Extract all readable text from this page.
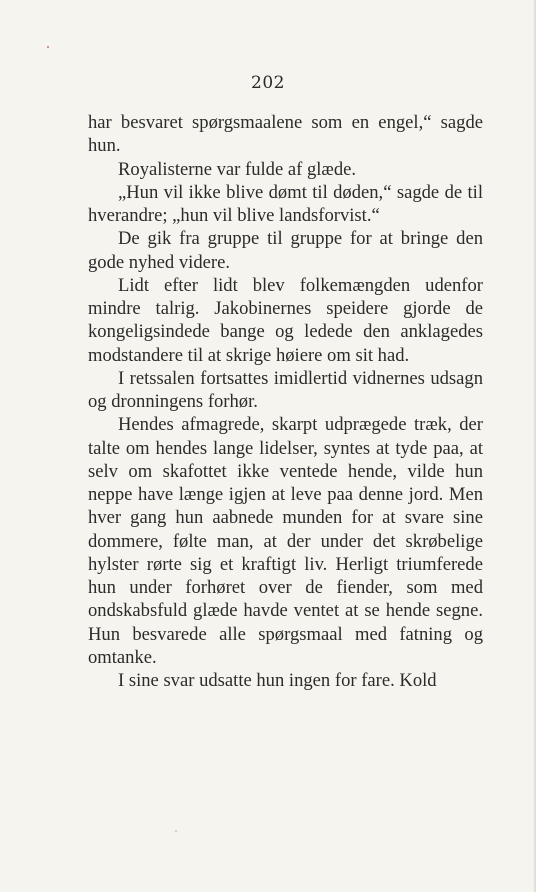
202

har besvaret spørgsmaalene som en engel,“ sagde hun.

Royalisterne var fulde af glæde.

„Hun vil ikke blive dømt til døden,“ sagde de til hverandre; „hun vil blive landsforvist.“

De gik fra gruppe til gruppe for at bringe den gode nyhed videre.

Lidt efter lidt blev folkemængden udenfor mindre talrig. Jakobinernes speidere gjorde de kongeligsindede bange og ledede den anklagedes modstandere til at skrige høiere om sit had.

I retssalen fortsattes imidlertid vidnernes udsagn og dronningens forhør.

Hendes afmagrede, skarpt udprægede træk, der talte om hendes lange lidelser, syntes at tyde paa, at selv om skafottet ikke ventede hende, vilde hun neppe have længe igjen at leve paa denne jord. Men hver gang hun aabnede munden for at svare sine dommere, følte man, at der under det skrøbelige hylster rørte sig et kraftigt liv. Herligt triumferede hun under forhøret over de fiender, som med ondskabsfuld glæde havde ventet at se hende segne. Hun besvarede alle spørgsmaal med fatning og omtanke.

I sine svar udsatte hun ingen for fare. Kold
